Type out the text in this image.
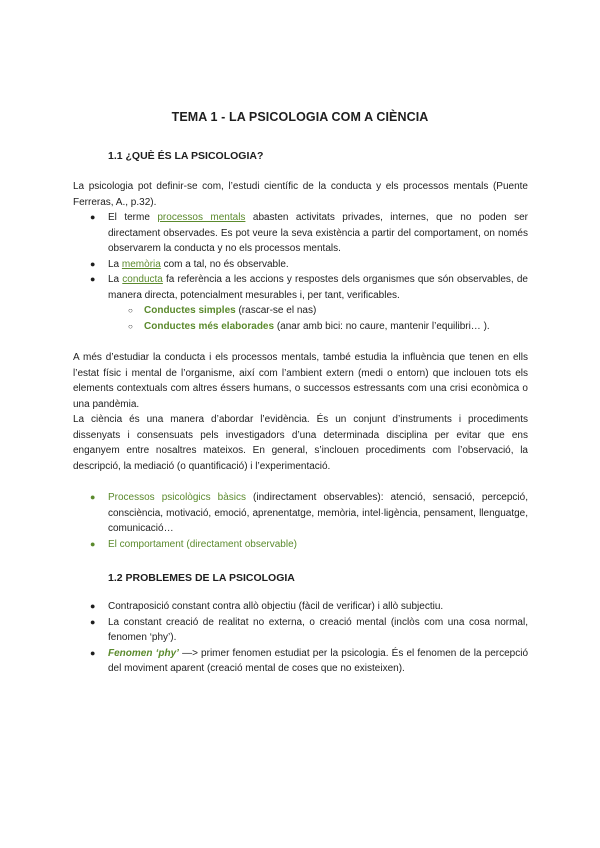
TEMA 1 - LA PSICOLOGIA COM A CIÈNCIA
1.1 ¿QUÈ ÉS LA PSICOLOGIA?
La psicologia pot definir-se com, l’estudi científic de la conducta y els processos mentals (Puente Ferreras, A., p.32).
● El terme processos mentals abasten activitats privades, internes, que no poden ser directament observades. Es pot veure la seva existència a partir del comportament, on només observarem la conducta y no els processos mentals.
● La memòria com a tal, no és observable.
● La conducta fa referència a les accions y respostes dels organismes que són observables, de manera directa, potencialment mesurables i, per tant, verificables.
○ Conductes simples (rascar-se el nas)
○ Conductes més elaborades (anar amb bici: no caure, mantenir l’equilibri… ).
A més d’estudiar la conducta i els processos mentals, també estudia la influència que tenen en ells l’estat físic i mental de l’organisme, així com l’ambient extern (medi o entorn) que inclouen tots els elements contextuals com altres éssers humans, o successos estressants com una crisi econòmica o una pandèmia.
La ciència és una manera d’abordar l’evidència. És un conjunt d’instruments i procediments dissenyats i consensuats pels investigadors d’una determinada disciplina per evitar que ens enganyem entre nosaltres mateixos. En general, s’inclouen procediments com l’observació, la descripció, la mediació (o quantificació) i l’experimentació.
● Processos psicològics bàsics (indirectament observables): atenció, sensació, percepció, consciència, motivació, emoció, aprenentatge, memòria, intel·ligència, pensament, llenguatge, comunicació…
● El comportament (directament observable)
1.2 PROBLEMES DE LA PSICOLOGIA
● Contraposició constant contra allò objectiu (fàcil de verificar) i allò subjectiu.
● La constant creació de realitat no externa, o creació mental (inclòs com una cosa normal, fenomen ‘phy’).
● Fenomen ‘phy’ —> primer fenomen estudiat per la psicologia. És el fenomen de la percepció del moviment aparent (creació mental de coses que no existeixen).
